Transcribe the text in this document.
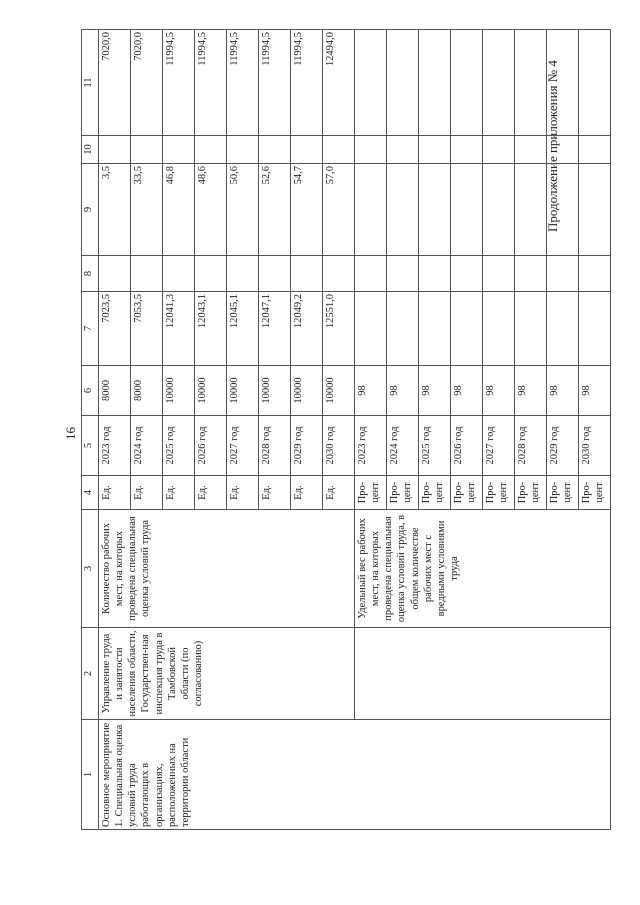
16
Продолжение приложения № 4
1	2	3	4	5	6	7	8	9	10	11
Основное мероприятие 1. Специальная оценка условий труда работающих в организациях, расположенных на территории области	Управление труда и занятости населения области, Государствен-ная инспекция труда в Тамбовской области (по согласованию)	Количество рабочих мест, на которых проведена специальная оценка условий труда	Ед.	2023 год	8000	7023,5		3,5		7020,0
			Ед.	2024 год	8000	7053,5		33,5		7020,0
			Ед.	2025 год	10000	12041,3		46,8		11994,5
			Ед.	2026 год	10000	12043,1		48,6		11994,5
			Ед.	2027 год	10000	12045,1		50,6		11994,5
			Ед.	2028 год	10000	12047,1		52,6		11994,5
			Ед.	2029 год	10000	12049,2		54,7		11994,5
			Ед.	2030 год	10000	12551,0		57,0		12494,0
		Удельный вес рабочих мест, на которых проведена специальная оценка условий труда, в общем количестве рабочих мест с вредными условиями труда	Про-цент	2023 год	98					
			Про-цент	2024 год	98					
			Про-цент	2025 год	98					
			Про-цент	2026 год	98					
			Про-цент	2027 год	98					
			Про-цент	2028 год	98					
			Про-цент	2029 год	98					
			Про-цент	2030 год	98					
